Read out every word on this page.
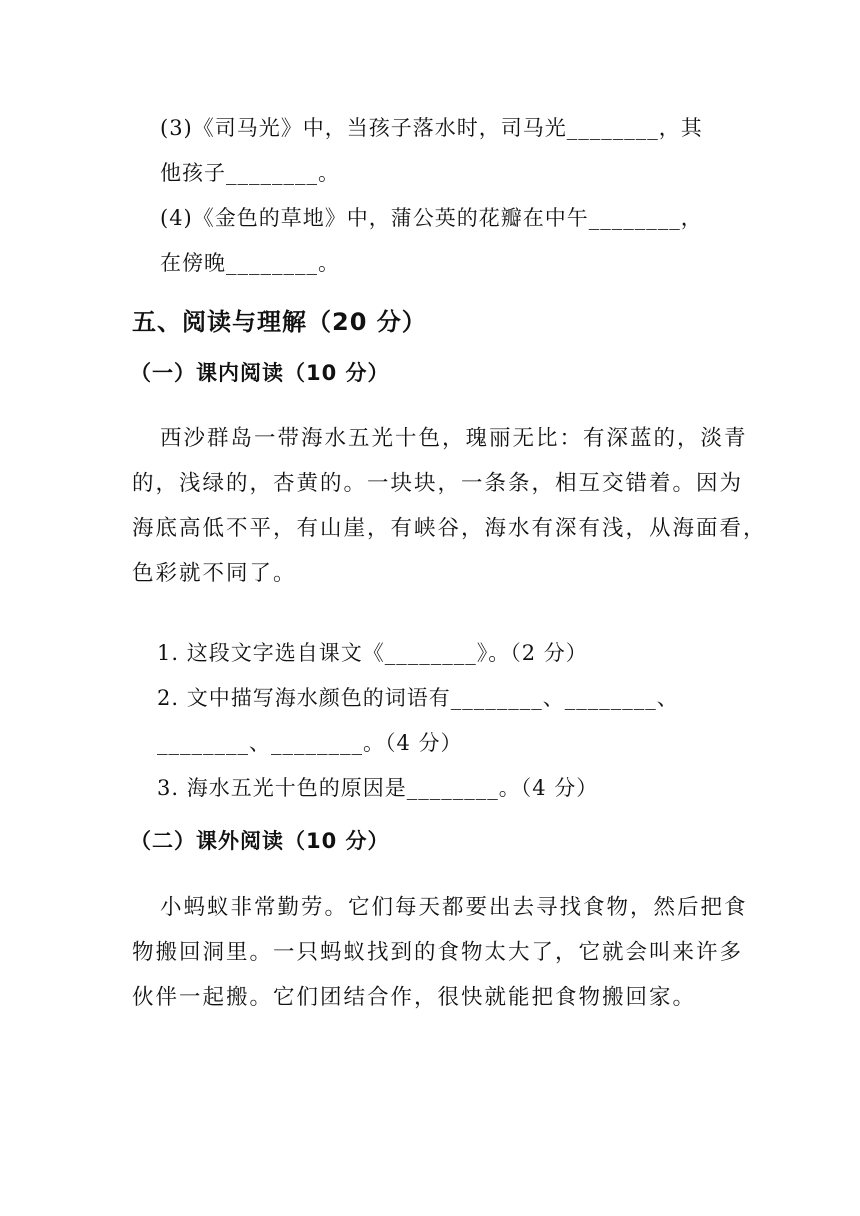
(3)《司马光》中，当孩子落水时，司马光________，其
他孩子________。
(4)《金色的草地》中，蒲公英的花瓣在中午________，
在傍晚________。
五、阅读与理解（20 分）
（一）课内阅读（10 分）
西沙群岛一带海水五光十色，瑰丽无比：有深蓝的，淡青
的，浅绿的，杏黄的。一块块，一条条，相互交错着。因为
海底高低不平，有山崖，有峡谷，海水有深有浅，从海面看，
色彩就不同了。
1. 这段文字选自课文《________》。（2 分）
2. 文中描写海水颜色的词语有________、________、
________、________。（4 分）
3. 海水五光十色的原因是________。（4 分）
（二）课外阅读（10 分）
小蚂蚁非常勤劳。它们每天都要出去寻找食物，然后把食
物搬回洞里。一只蚂蚁找到的食物太大了，它就会叫来许多
伙伴一起搬。它们团结合作，很快就能把食物搬回家。
